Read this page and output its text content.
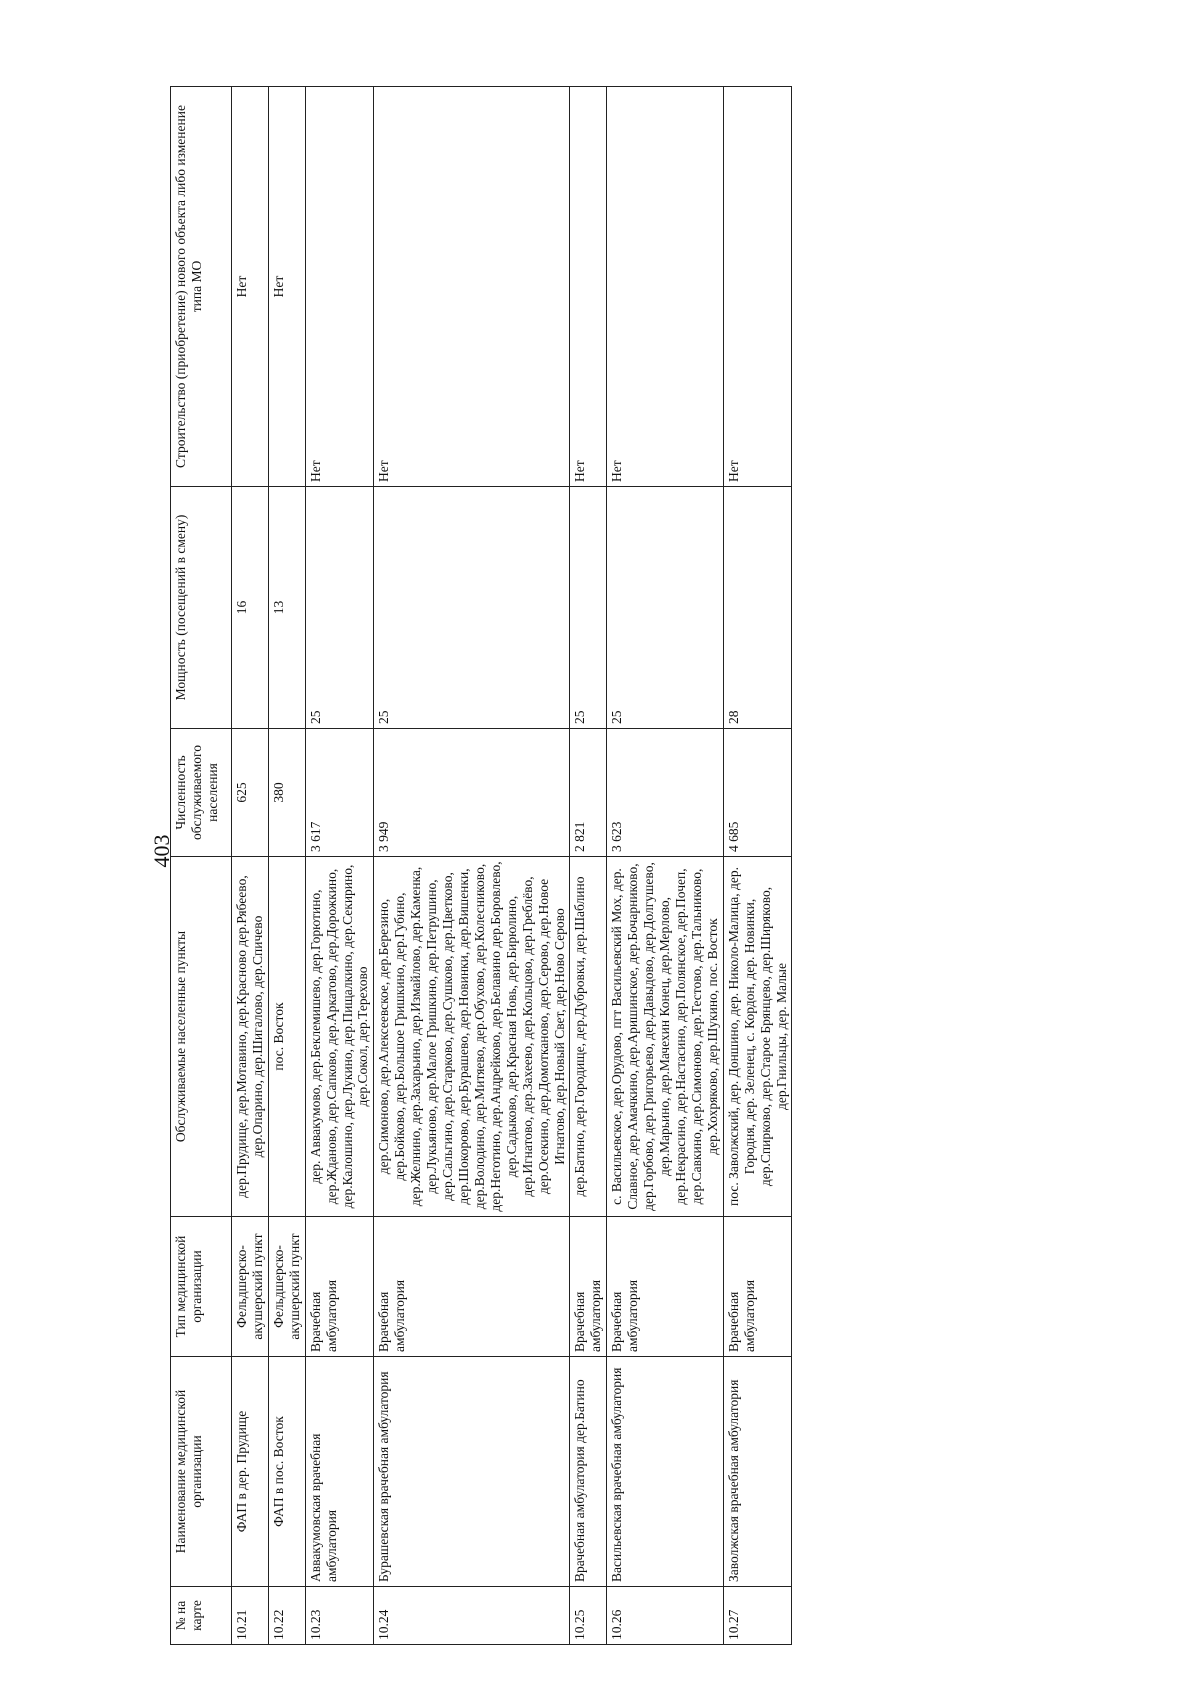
403
№ на карте	Наименование медицинской организации	Тип медицинской организации	Обслуживаемые населенные пункты	Численность обслуживаемого населения	Мощность (посещений в смену)	Строительство (приобретение) нового объекта либо изменение типа МО
10.21	ФАП в дер. Прудище	Фельдшерско-акушерский пункт	дер.Прудище, дер.Мотавино, дер.Красново дер.Рябеево, дер.Опарино, дер.Шигалово, дер.Спичево	625	16	Нет
10.22	ФАП в пос. Восток	Фельдшерско-акушерский пункт	пос. Восток	380	13	Нет
10.23	Аввакумовская врачебная амбулатория	Врачебная амбулатория	дер. Аввакумово, дер.Беклемишево, дер.Горютино, дер.Жданово, дер.Сапково, дер.Аркатово, дер.Дорожкино, дер.Калошино, дер.Лукино, дер.Пищалкино, дер.Секирино, дер.Сокол, дер.Терехово	3 617	25	Нет
10.24	Бурашевская врачебная амбулатория	Врачебная амбулатория	дер.Симоново, дер.Алексеевское, дер.Березино, дер.Бойково, дер.Большое Гришкино, дер.Губино, дер.Желнино, дер.Захарьино, дер.Измайлово, дер.Каменка, дер.Лукьяново, дер.Малое Гришкино, дер.Петрушино, дер.Сальгино, дер.Старково, дер.Сушково, дер.Цветково, дер.Шокорово, дер.Бурашево, дер.Новинки, дер.Вишенки, дер.Володино, дер.Митяево, дер.Обухово, дер.Колесниково, дер.Неготино, дер.Андрейково, дер.Белавино дер.Боровлево, дер.Садыково, дер.Красная Новь, дер.Бирюлино, дер.Игнатово, дер.Захеево, дер.Кольцово, дер.Греблёво, дер.Осекино, дер.Домотканово, дер.Серово, дер.Новое Игнатово, дер.Новый Свет, дер.Ново Серово	3 949	25	Нет
10.25	Врачебная амбулатория дер.Батино	Врачебная амбулатория	дер.Батино, дер.Городище, дер.Дубровки, дер.Шаблино	2 821	25	Нет
10.26	Васильевская врачебная амбулатория	Врачебная амбулатория	с. Васильевское, дер.Орудово, пгт Васильевский Мох, дер. Славное, дер.Амачкино, дер.Аришинское, дер.Бочарниково, дер.Горбово, дер.Григорьево, дер.Давыдово, дер.Долгушево, дер.Марьино, дер.Мачехин Конец, дер.Мерлово, дер.Некрасино, дер.Настасино, дер.Полянское, дер.Почеп, дер.Савкино, дер.Симоново, дер.Тестово, дер.Тальниково, дер.Хохряково, дер.Шукино, пос. Восток	3 623	25	Нет
10.27	Заволжская врачебная амбулатория	Врачебная амбулатория	пос. Заволжский, дер. Доншино, дер. Николо-Малица, дер. Городня, дер. Зеленец, с. Кордон, дер. Новинки, дер.Спирково, дер.Старое Брянцево, дер.Ширяково, дер.Гнильцы, дер. Малые	4 685	28	Нет
